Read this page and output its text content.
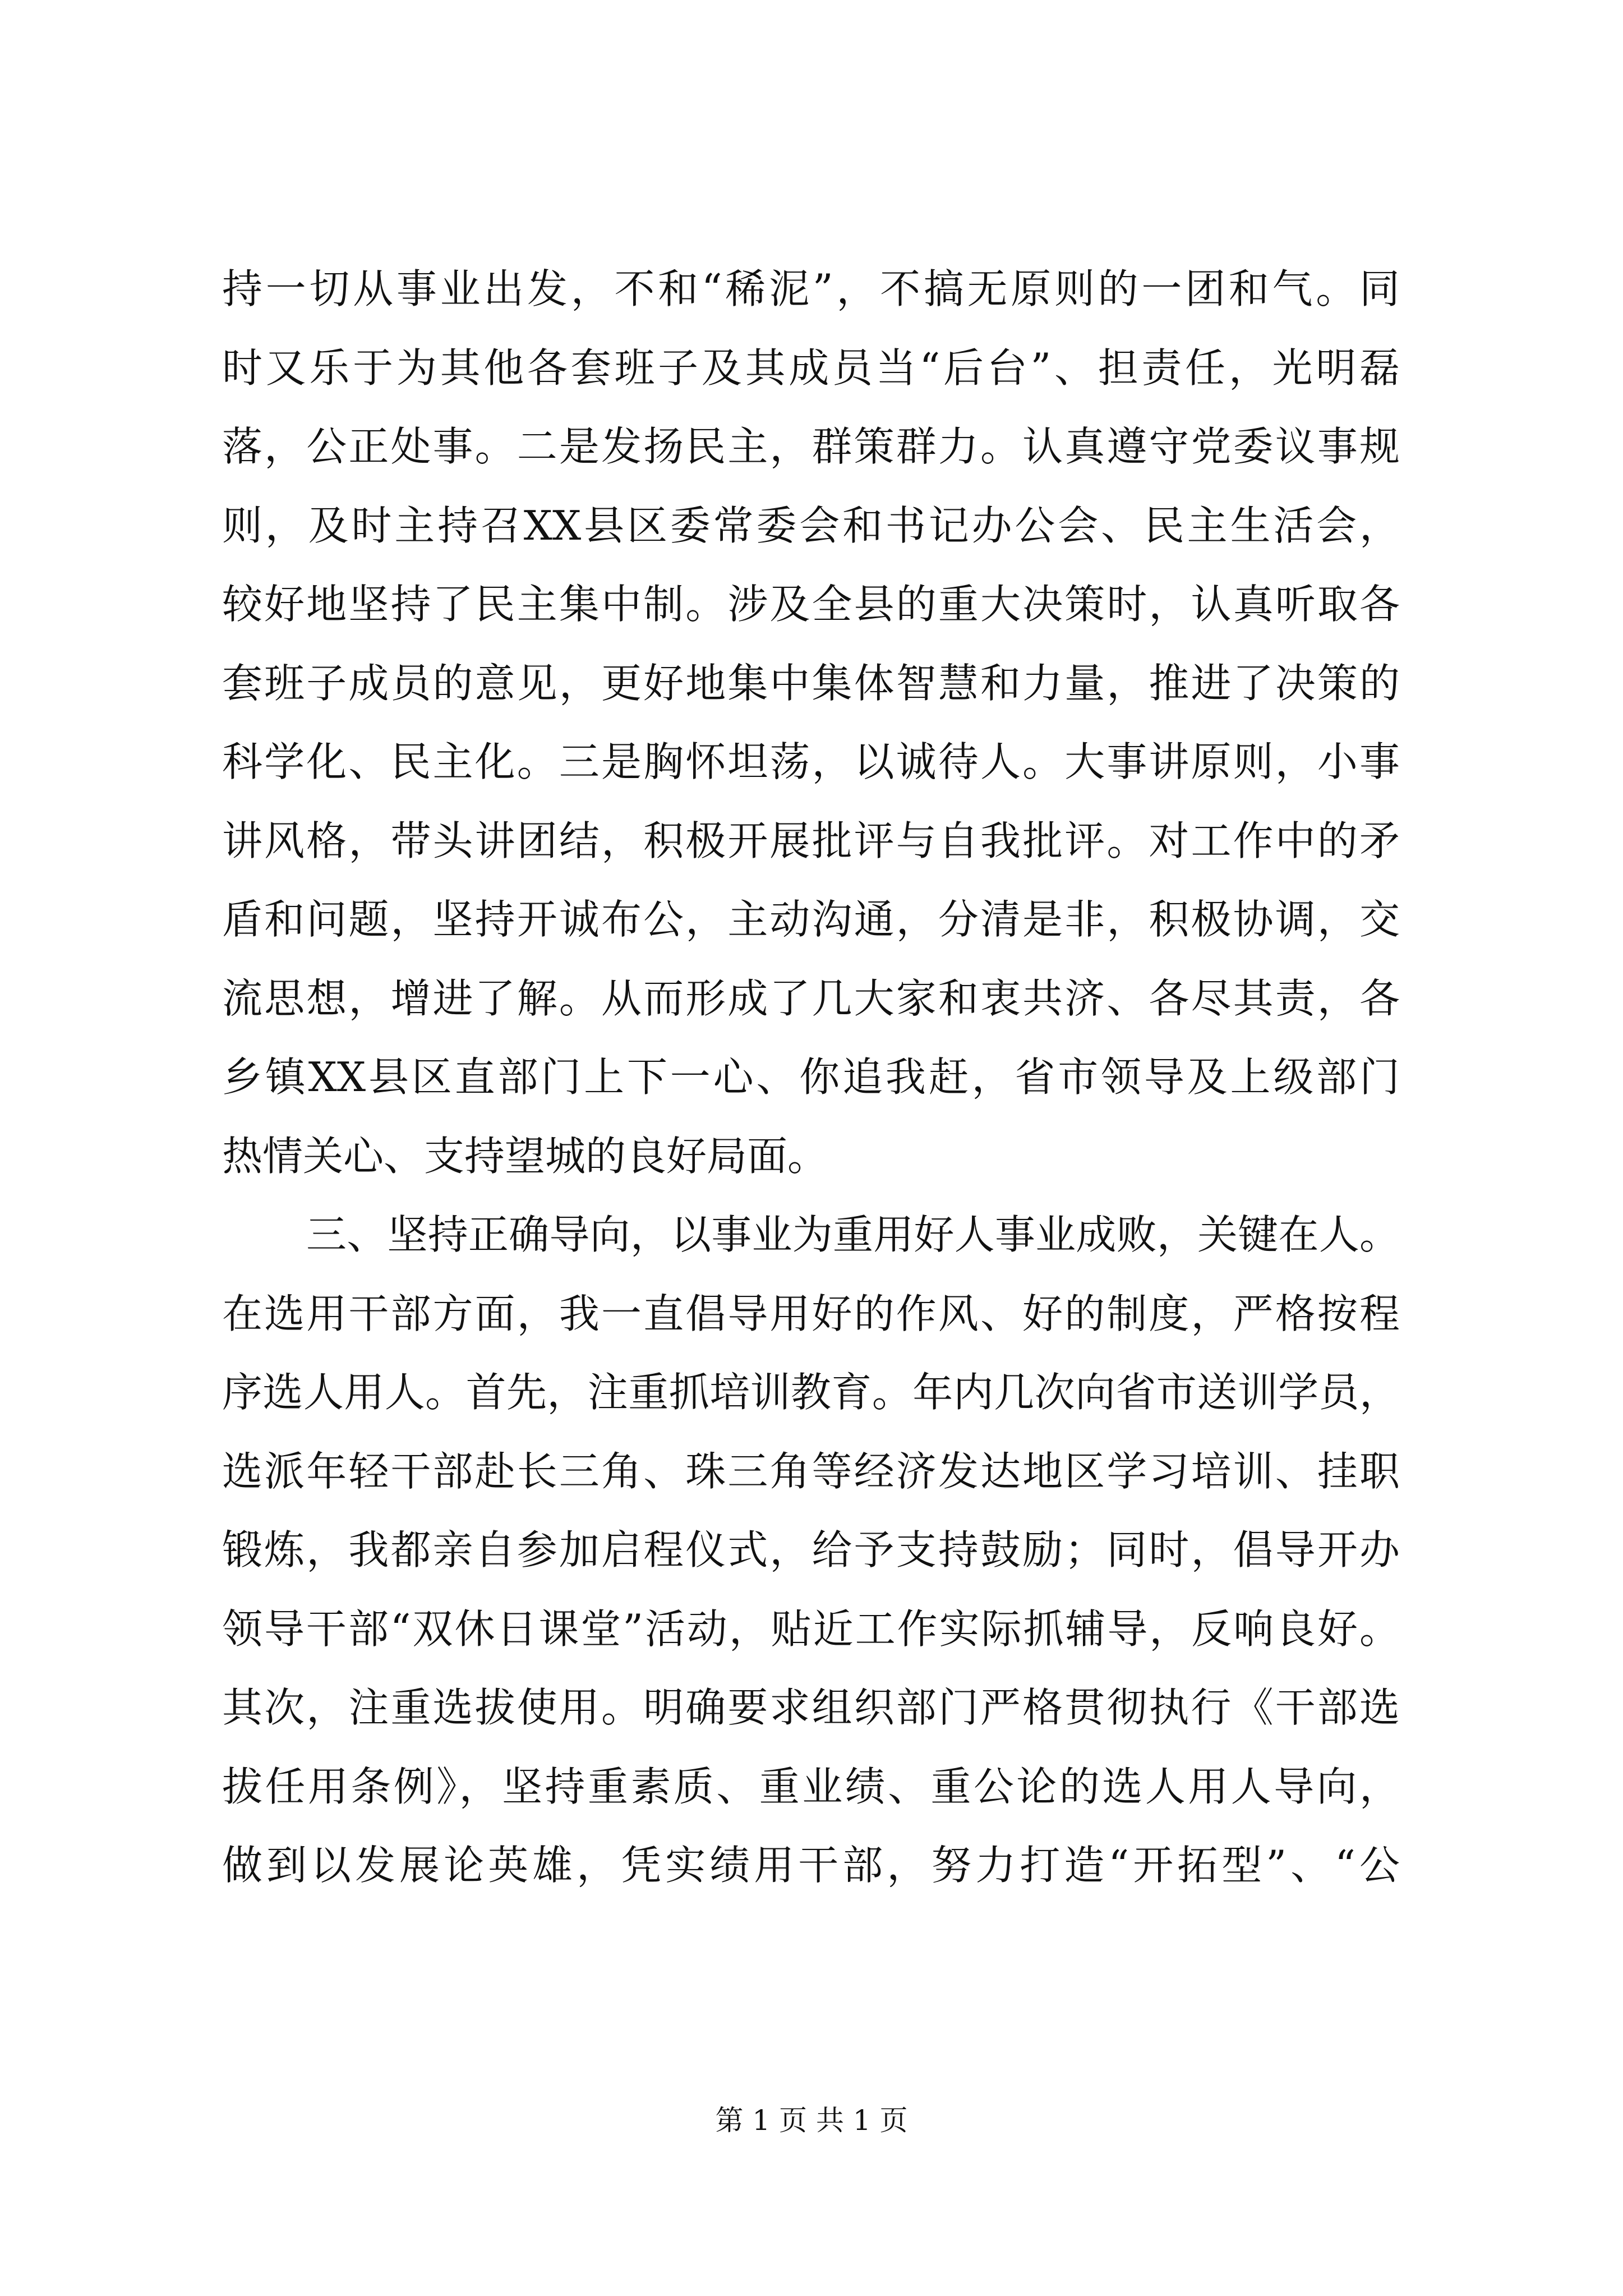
持一切从事业出发，不和“稀泥”，不搞无原则的一团和气。同
时又乐于为其他各套班子及其成员当“后台”、担责任，光明磊
落，公正处事。二是发扬民主，群策群力。认真遵守党委议事规
则，及时主持召XX县区委常委会和书记办公会、民主生活会，
较好地坚持了民主集中制。涉及全县的重大决策时，认真听取各
套班子成员的意见，更好地集中集体智慧和力量，推进了决策的
科学化、民主化。三是胸怀坦荡，以诚待人。大事讲原则，小事
讲风格，带头讲团结，积极开展批评与自我批评。对工作中的矛
盾和问题，坚持开诚布公，主动沟通，分清是非，积极协调，交
流思想，增进了解。从而形成了几大家和衷共济、各尽其责，各
乡镇XX县区直部门上下一心、你追我赶，省市领导及上级部门
热情关心、支持望城的良好局面。
三、坚持正确导向，以事业为重用好人事业成败，关键在人。
在选用干部方面，我一直倡导用好的作风、好的制度，严格按程
序选人用人。首先，注重抓培训教育。年内几次向省市送训学员，
选派年轻干部赴长三角、珠三角等经济发达地区学习培训、挂职
锻炼，我都亲自参加启程仪式，给予支持鼓励；同时，倡导开办
领导干部“双休日课堂”活动，贴近工作实际抓辅导，反响良好。
其次，注重选拔使用。明确要求组织部门严格贯彻执行《干部选
拔任用条例》，坚持重素质、重业绩、重公论的选人用人导向，
做到以发展论英雄，凭实绩用干部，努力打造“开拓型”、“公
第 1 页 共 1 页
